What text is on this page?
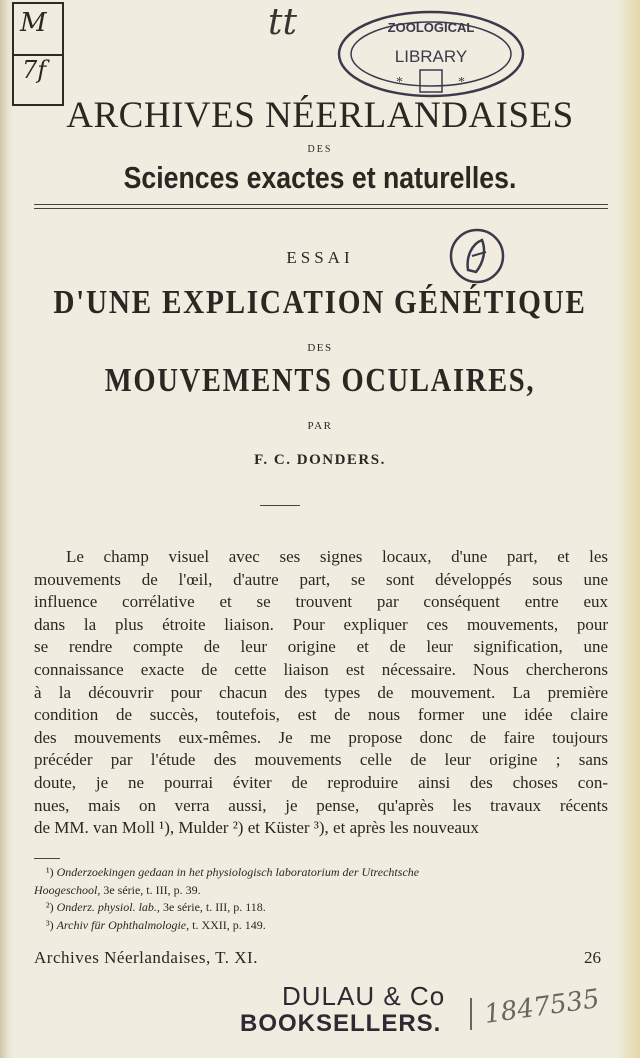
M
7f
tt	ZOOLOGICAL
LIBRARY
*	*
ARCHIVES NÉERLANDAISES
DES
Sciences exactes et naturelles.
ESSAI
D'UNE EXPLICATION GÉNÉTIQUE
DES
MOUVEMENTS OCULAIRES,
PAR
F. C. DONDERS.
Le champ visuel avec ses signes locaux, d'une part, et les
mouvements de l'œil, d'autre part, se sont développés sous une
influence corrélative et se trouvent par conséquent entre eux
dans la plus étroite liaison. Pour expliquer ces mouvements, pour
se rendre compte de leur origine et de leur signification, une
connaissance exacte de cette liaison est nécessaire. Nous chercherons
à la découvrir pour chacun des types de mouvement. La première
condition de succès, toutefois, est de nous former une idée claire
des mouvements eux-mêmes. Je me propose donc de faire toujours
précéder par l'étude des mouvements celle de leur origine ; sans
doute, je ne pourrai éviter de reproduire ainsi des choses con-
nues, mais on verra aussi, je pense, qu'après les travaux récents
de MM. van Moll ¹), Mulder ²) et Küster ³), et après les nouveaux
¹) Onderzoekingen gedaan in het physiologisch laboratorium der Utrechtsche
Hoogeschool, 3e série, t. III, p. 39.
²) Onderz. physiol. lab., 3e série, t. III, p. 118.
³) Archiv für Ophthalmologie, t. XXII, p. 149.
Archives Néerlandaises, T. XI.	26
DULAU & Co
BOOKSELLERS. 1847535
